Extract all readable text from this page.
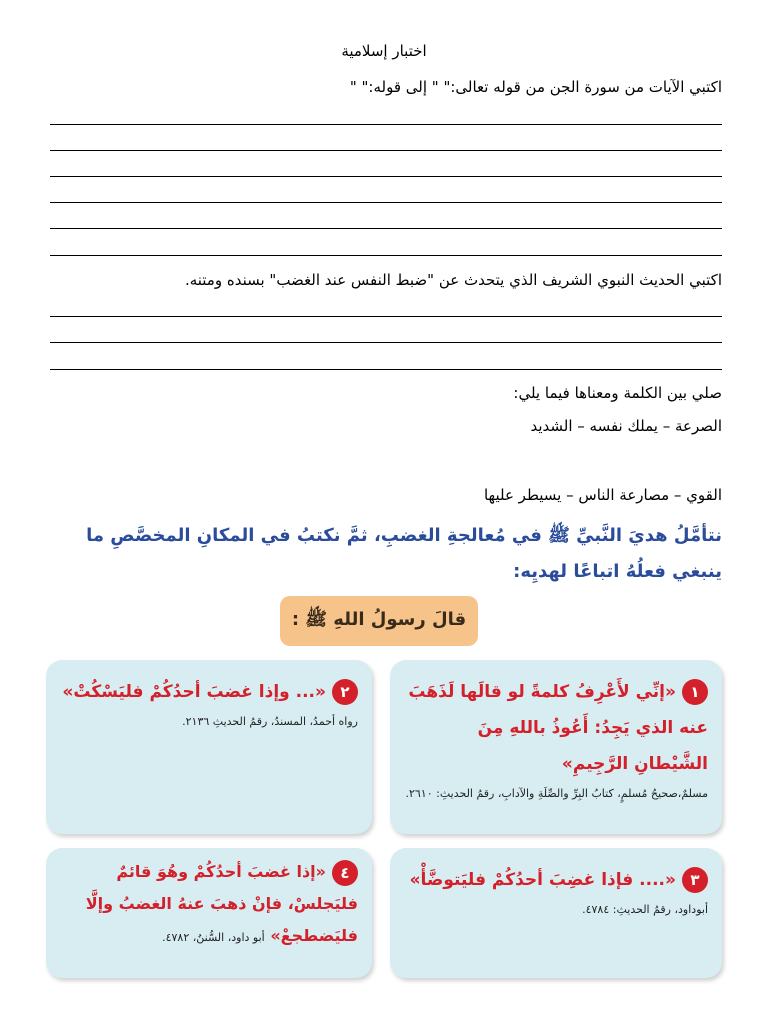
اختبار إسلامية
اكتبي الآيات من سورة الجن من قوله تعالى:" " إلى قوله:" "
اكتبي الحديث النبوي الشريف الذي يتحدث عن "ضبط النفس عند الغضب" بسنده ومتنه.
صلي بين الكلمة ومعناها فيما يلي:
الصرعة – يملك نفسه – الشديد
القوي – مصارعة الناس – يسيطر عليها
نتأمَّلُ هديَ النَّبيِّ ﷺ في مُعالجةِ الغضبِ، ثمَّ نكتبُ في المكانِ المخصَّصِ ما ينبغي فعلُهُ اتباعًا لهديِه:
قالَ رسولُ اللهِ ﷺ :
١«إنِّي لأَعْرِفُ كلمةً لو قالَها لَذَهَبَ عنه الذي يَجِدُ: أَعُوذُ باللهِ مِنَ الشَّيْطانِ الرَّجِيمِ»
مسلمٌ،صحيحُ مُسلمٍ، كتابُ البِرِّ والصِّلَةِ والآدابِ، رقمُ الحديثِ: ٢٦١٠.
٢«... وإذا غضبَ أحدُكُمْ فليَسْكُتْ»
رواه أحمدُ، المسندُ، رقمُ الحديثِ ٢١٣٦.
٣«.... فإذا غضِبَ أحدُكُمْ فليَتوضَّأْ»
أبوداود، رقمُ الحديثِ: ٤٧٨٤.
٤«إذا غضبَ أحدُكُمْ وهُوَ قائمٌ فليَجلسْ، فإنْ ذهبَ عنهُ الغضبُ وإلَّا فليَضطجعْ» أبو داود، السُّننُ، ٤٧٨٢.
